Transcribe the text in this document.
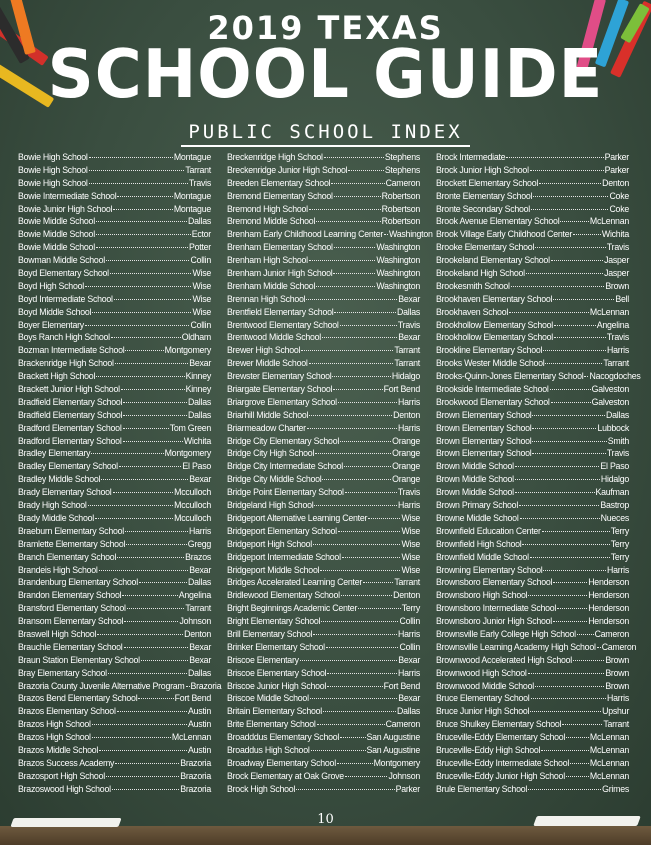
2019 TEXAS
SCHOOL GUIDE
PUBLIC SCHOOL INDEX
Bowie High School	Montague
Bowie High School	Tarrant
Bowie High School	Travis
Bowie Intermediate School	Montague
Bowie Junior High School	Montague
Bowie Middle School	Dallas
Bowie Middle School	Ector
Bowie Middle School	Potter
Bowman Middle School	Collin
Boyd Elementary School	Wise
Boyd High School	Wise
Boyd Intermediate School	Wise
Boyd Middle School	Wise
Boyer Elementary	Collin
Boys Ranch High School	Oldham
Bozman Intermediate School	Montgomery
Brackenridge High School	Bexar
Brackett High School	Kinney
Brackett Junior High School	Kinney
Bradfield Elementary School	Dallas
Bradfield Elementary School	Dallas
Bradford Elementary School	Tom Green
Bradford Elementary School	Wichita
Bradley Elementary	Montgomery
Bradley Elementary School	El Paso
Bradley Middle School	Bexar
Brady Elementary School	Mcculloch
Brady High School	Mcculloch
Brady Middle School	Mcculloch
Braeburn Elementary School	Harris
Bramlette Elementary School	Gregg
Branch Elementary School	Brazos
Brandeis High School	Bexar
Brandenburg Elementary School	Dallas
Brandon Elementary School	Angelina
Bransford Elementary School	Tarrant
Bransom Elementary School	Johnson
Braswell High School	Denton
Brauchle Elementary School	Bexar
Braun Station Elementary School	Bexar
Bray Elementary School	Dallas
Brazoria County Juvenile Alternative Program Brazoria
Brazos Bend Elementary School	Fort Bend
Brazos Elementary School	Austin
Brazos High School	Austin
Brazos High School	McLennan
Brazos Middle School	Austin
Brazos Success Academy	Brazoria
Brazosport High School	Brazoria
Brazoswood High School	Brazoria
Breckenridge High School	Stephens
Breckenridge Junior High School	Stephens
Breeden Elementary School	Cameron
Bremond Elementary School	Robertson
Bremond High School	Robertson
Bremond Middle School	Robertson
Brenham Early Childhood Learning Center Washington
Brenham Elementary School	Washington
Brenham High School	Washington
Brenham Junior High School	Washington
Brenham Middle School	Washington
Brennan High School	Bexar
Brentfield Elementary School	Dallas
Brentwood Elementary School	Travis
Brentwood Middle School	Bexar
Brewer High School	Tarrant
Brewer Middle School	Tarrant
Brewster Elementary School	Hidalgo
Briargate Elementary School	Fort Bend
Briargrove Elementary School	Harris
Briarhill Middle School	Denton
Briarmeadow Charter	Harris
Bridge City Elementary School	Orange
Bridge City High School	Orange
Bridge City Intermediate School	Orange
Bridge City Middle School	Orange
Bridge Point Elementary School	Travis
Bridgeland High School	Harris
Bridgeport Alternative Learning Center	Wise
Bridgeport Elementary School	Wise
Bridgeport High School	Wise
Bridgeport Intermediate School	Wise
Bridgeport Middle School	Wise
Bridges Accelerated Learning Center	Tarrant
Bridlewood Elementary School	Denton
Bright Beginnings Academic Center	Terry
Bright Elementary School	Collin
Brill Elementary School	Harris
Brinker Elementary School	Collin
Briscoe Elementary	Bexar
Briscoe Elementary School	Harris
Briscoe Junior High School	Fort Bend
Briscoe Middle School	Bexar
Britain Elementary School	Dallas
Brite Elementary School	Cameron
Broadddus Elementary School	San Augustine
Broaddus High School	San Augustine
Broadway Elementary School	Montgomery
Brock Elementary at Oak Grove	Johnson
Brock High School	Parker
Brock Intermediate	Parker
Brock Junior High School	Parker
Brockett Elementary School	Denton
Bronte Elementary School	Coke
Bronte Secondary School	Coke
Brook Avenue Elementary School	McLennan
Brook Village Early Childhood Center	Wichita
Brooke Elementary School	Travis
Brookeland Elementary School	Jasper
Brookeland High School	Jasper
Brookesmith School	Brown
Brookhaven Elementary School	Bell
Brookhaven School	McLennan
Brookhollow Elementary School	Angelina
Brookhollow Elementary School	Travis
Brookline Elementary School	Harris
Brooks Wester Middle School	Tarrant
Brooks-Quinn-Jones Elementary School Nacogdoches
Brookside Intermediate School	Galveston
Brookwood Elementary School	Galveston
Brown Elementary School	Dallas
Brown Elementary School	Lubbock
Brown Elementary School	Smith
Brown Elementary School	Travis
Brown Middle School	El Paso
Brown Middle School	Hidalgo
Brown Middle School	Kaufman
Brown Primary School	Bastrop
Browne Middle School	Nueces
Brownfield Education Center	Terry
Brownfield High School	Terry
Brownfield Middle School	Terry
Browning Elementary School	Harris
Brownsboro Elementary School	Henderson
Brownsboro High School	Henderson
Brownsboro Intermediate School	Henderson
Brownsboro Junior High School	Henderson
Brownsville Early College High School Cameron
Brownsville Learning Academy High School Cameron
Brownwood Accelerated High School	Brown
Brownwood High School	Brown
Brownwood Middle School	Brown
Bruce Elementary School	Harris
Bruce Junior High School	Upshur
Bruce Shulkey Elementary School	Tarrant
Bruceville-Eddy Elementary School	McLennan
Bruceville-Eddy High School	McLennan
Bruceville-Eddy Intermediate School McLennan
Bruceville-Eddy Junior High School	McLennan
Brule Elementary School	Grimes
10
